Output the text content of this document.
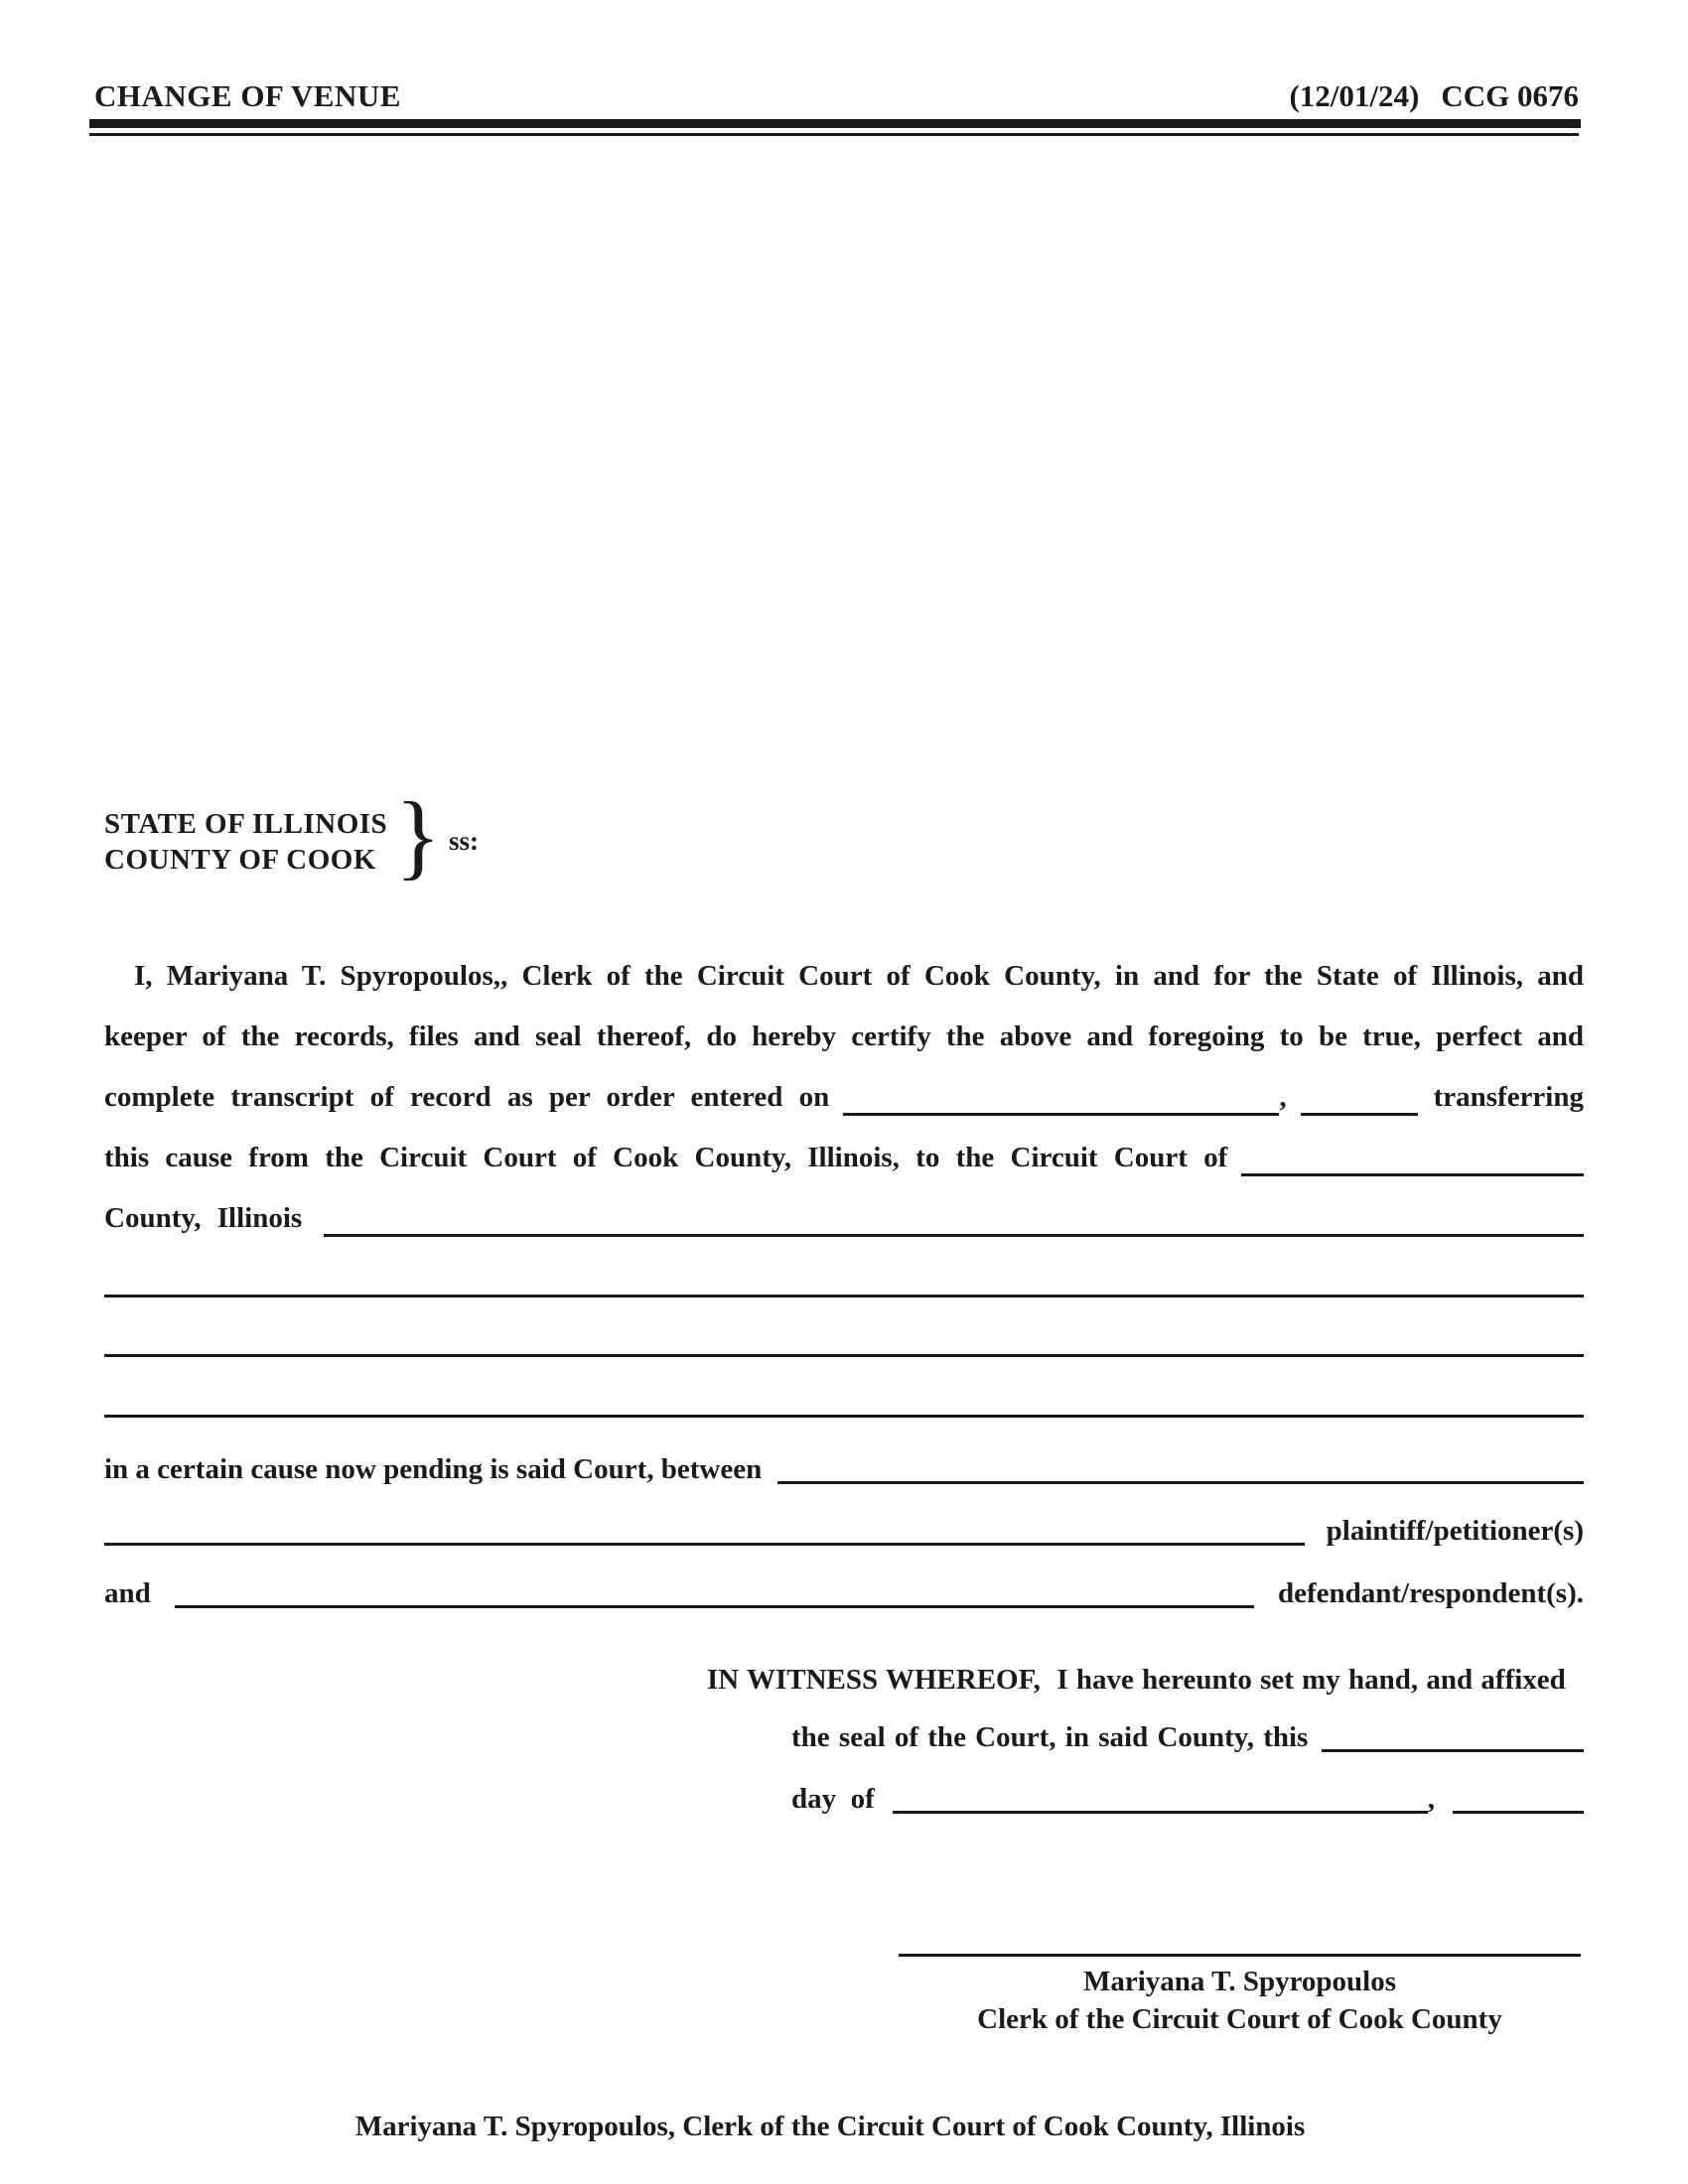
CHANGE OF VENUE	(12/01/24) CCG 0676
STATE OF ILLINOIS
COUNTY OF COOK } ss:
I, Mariyana T. Spyropoulos,, Clerk of the Circuit Court of Cook County, in and for the State of Illinois, and
keeper of the records, files and seal thereof, do hereby certify the above and foregoing to be true, perfect and
complete transcript of record as per order entered on	,	transferring
this cause from the Circuit Court of Cook County, Illinois, to the Circuit Court of
County, Illinois
in a certain cause now pending is said Court, between
plaintiff/petitioner(s)
and	defendant/respondent(s).
IN WITNESS WHEREOF,  I have hereunto set my hand, and affixed
the seal of the Court, in said County, this
day  of	,
Mariyana T. Spyropoulos
Clerk of the Circuit Court of Cook County
Mariyana T. Spyropoulos, Clerk of the Circuit Court of Cook County, Illinois
